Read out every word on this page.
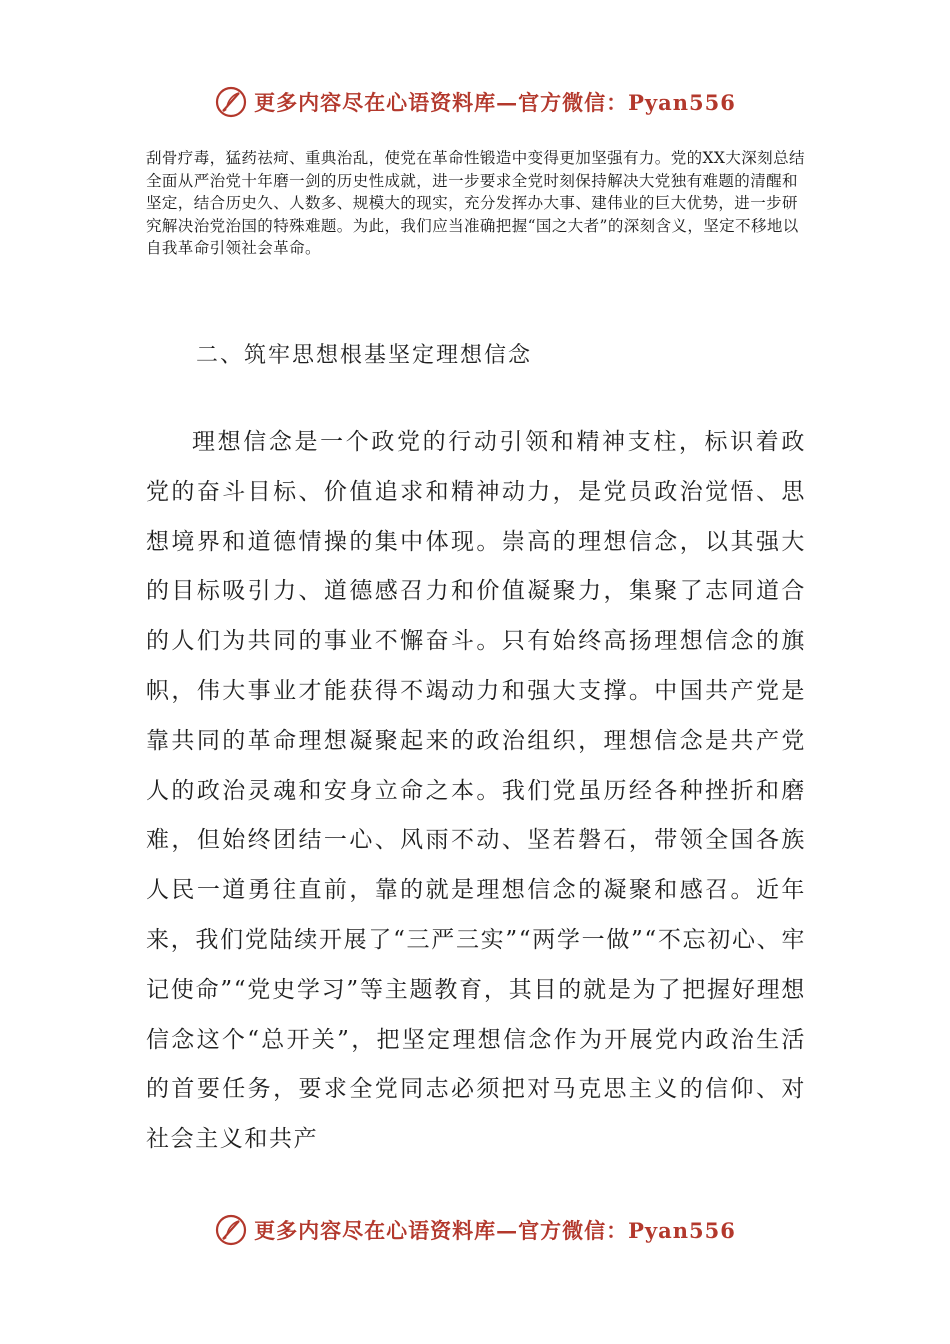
更多内容尽在心语资料库—官方微信：Pyan556

刮骨疗毒，猛药祛疴、重典治乱，使党在革命性锻造中变得更加坚强有力。党的XX大深刻总结全面从严治党十年磨一剑的历史性成就，进一步要求全党时刻保持解决大党独有难题的清醒和坚定，结合历史久、人数多、规模大的现实，充分发挥办大事、建伟业的巨大优势，进一步研究解决治党治国的特殊难题。为此，我们应当准确把握“国之大者”的深刻含义，坚定不移地以自我革命引领社会革命。

二、筑牢思想根基坚定理想信念

理想信念是一个政党的行动引领和精神支柱，标识着政党的奋斗目标、价值追求和精神动力，是党员政治觉悟、思想境界和道德情操的集中体现。崇高的理想信念，以其强大的目标吸引力、道德感召力和价值凝聚力，集聚了志同道合的人们为共同的事业不懈奋斗。只有始终高扬理想信念的旗帜，伟大事业才能获得不竭动力和强大支撑。中国共产党是靠共同的革命理想凝聚起来的政治组织，理想信念是共产党人的政治灵魂和安身立命之本。我们党虽历经各种挫折和磨难，但始终团结一心、风雨不动、坚若磐石，带领全国各族人民一道勇往直前，靠的就是理想信念的凝聚和感召。近年来，我们党陆续开展了“三严三实”“两学一做”“不忘初心、牢记使命”“党史学习”等主题教育，其目的就是为了把握好理想信念这个“总开关”，把坚定理想信念作为开展党内政治生活的首要任务，要求全党同志必须把对马克思主义的信仰、对社会主义和共产

更多内容尽在心语资料库—官方微信：Pyan556
